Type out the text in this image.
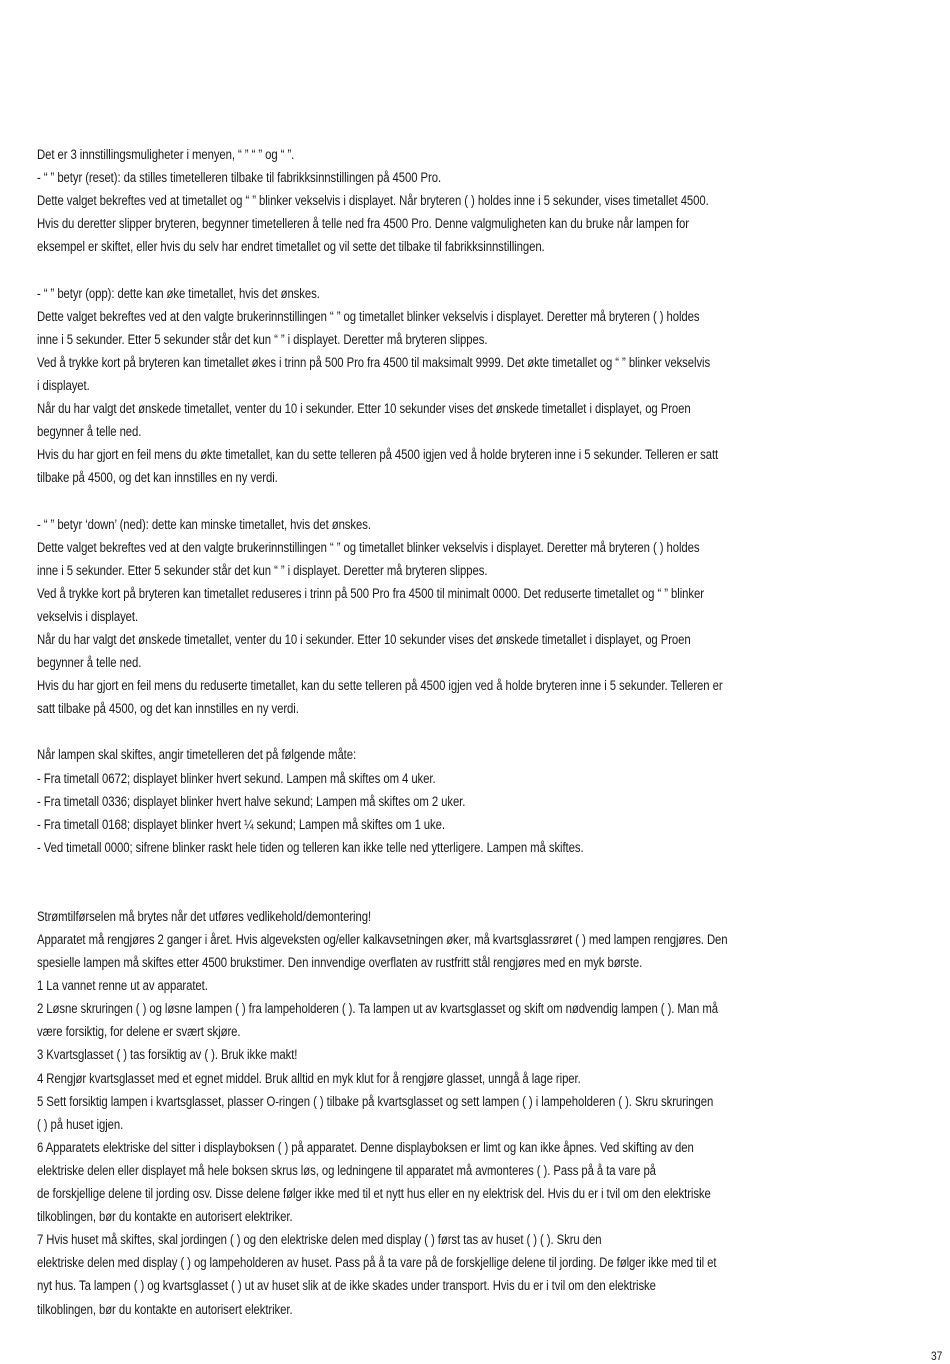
Det er 3 innstillingsmuligheter i menyen, “ ” “ ” og “ ”.
- “ ” betyr (reset): da stilles timetelleren tilbake til fabrikksinnstillingen på 4500 Pro.
Dette valget bekreftes ved at timetallet og “ ” blinker vekselvis i displayet. Når bryteren ( ) holdes inne i 5 sekunder, vises timetallet 4500.
Hvis du deretter slipper bryteren, begynner timetelleren å telle ned fra 4500 Pro. Denne valgmuligheten kan du bruke når lampen for
eksempel er skiftet, eller hvis du selv har endret timetallet og vil sette det tilbake til fabrikksinnstillingen.
- “ ” betyr (opp): dette kan øke timetallet, hvis det ønskes.
Dette valget bekreftes ved at den valgte brukerinnstillingen “ ” og timetallet blinker vekselvis i displayet. Deretter må bryteren ( ) holdes
inne i 5 sekunder. Etter 5 sekunder står det kun “ ” i displayet. Deretter må bryteren slippes.
Ved å trykke kort på bryteren kan timetallet økes i trinn på 500 Pro fra 4500 til maksimalt 9999. Det økte timetallet og “ ” blinker vekselvis
i displayet.
Når du har valgt det ønskede timetallet, venter du 10 i sekunder. Etter 10 sekunder vises det ønskede timetallet i displayet, og Proen
begynner å telle ned.
Hvis du har gjort en feil mens du økte timetallet, kan du sette telleren på 4500 igjen ved å holde bryteren inne i 5 sekunder. Telleren er satt
tilbake på 4500, og det kan innstilles en ny verdi.
- “ ” betyr ‘down’ (ned): dette kan minske timetallet, hvis det ønskes.
Dette valget bekreftes ved at den valgte brukerinnstillingen “ ” og timetallet blinker vekselvis i displayet. Deretter må bryteren ( ) holdes
inne i 5 sekunder. Etter 5 sekunder står det kun “ ” i displayet. Deretter må bryteren slippes.
Ved å trykke kort på bryteren kan timetallet reduseres i trinn på 500 Pro fra 4500 til minimalt 0000. Det reduserte timetallet og “ ” blinker
vekselvis i displayet.
Når du har valgt det ønskede timetallet, venter du 10 i sekunder. Etter 10 sekunder vises det ønskede timetallet i displayet, og Proen
begynner å telle ned.
Hvis du har gjort en feil mens du reduserte timetallet, kan du sette telleren på 4500 igjen ved å holde bryteren inne i 5 sekunder. Telleren er
satt tilbake på 4500, og det kan innstilles en ny verdi.
Når lampen skal skiftes, angir timetelleren det på følgende måte:
- Fra timetall 0672; displayet blinker hvert sekund. Lampen må skiftes om 4 uker.
- Fra timetall 0336; displayet blinker hvert halve sekund; Lampen må skiftes om 2 uker.
- Fra timetall 0168; displayet blinker hvert ¼ sekund; Lampen må skiftes om 1 uke.
- Ved timetall 0000; sifrene blinker raskt hele tiden og telleren kan ikke telle ned ytterligere. Lampen må skiftes.
Strømtilførselen må brytes når det utføres vedlikehold/demontering!
Apparatet må rengjøres 2 ganger i året. Hvis algeveksten og/eller kalkavsetningen øker, må kvartsglassrøret ( ) med lampen rengjøres. Den
spesielle lampen må skiftes etter 4500 brukstimer. Den innvendige overflaten av rustfritt stål rengjøres med en myk børste.
1 La vannet renne ut av apparatet.
2 Løsne skruringen ( ) og løsne lampen ( ) fra lampeholderen ( ). Ta lampen ut av kvartsglasset og skift om nødvendig lampen ( ). Man må
være forsiktig, for delene er svært skjøre.
3 Kvartsglasset ( ) tas forsiktig av ( ). Bruk ikke makt!
4 Rengjør kvartsglasset med et egnet middel. Bruk alltid en myk klut for å rengjøre glasset, unngå å lage riper.
5 Sett forsiktig lampen i kvartsglasset, plasser O-ringen ( ) tilbake på kvartsglasset og sett lampen ( ) i lampeholderen ( ). Skru skruringen
( ) på huset igjen.
6 Apparatets elektriske del sitter i displayboksen ( ) på apparatet. Denne displayboksen er limt og kan ikke åpnes. Ved skifting av den
elektriske delen eller displayet må hele boksen skrus løs, og ledningene til apparatet må avmonteres ( ). Pass på å ta vare på
de forskjellige delene til jording osv. Disse delene følger ikke med til et nytt hus eller en ny elektrisk del. Hvis du er i tvil om den elektriske
tilkoblingen, bør du kontakte en autorisert elektriker.
7 Hvis huset må skiftes, skal jordingen ( ) og den elektriske delen med display ( ) først tas av huset ( ) ( ). Skru den
elektriske delen med display ( ) og lampeholderen av huset. Pass på å ta vare på de forskjellige delene til jording. De følger ikke med til et
nyt hus. Ta lampen ( ) og kvartsglasset ( ) ut av huset slik at de ikke skades under transport. Hvis du er i tvil om den elektriske
tilkoblingen, bør du kontakte en autorisert elektriker.
37
